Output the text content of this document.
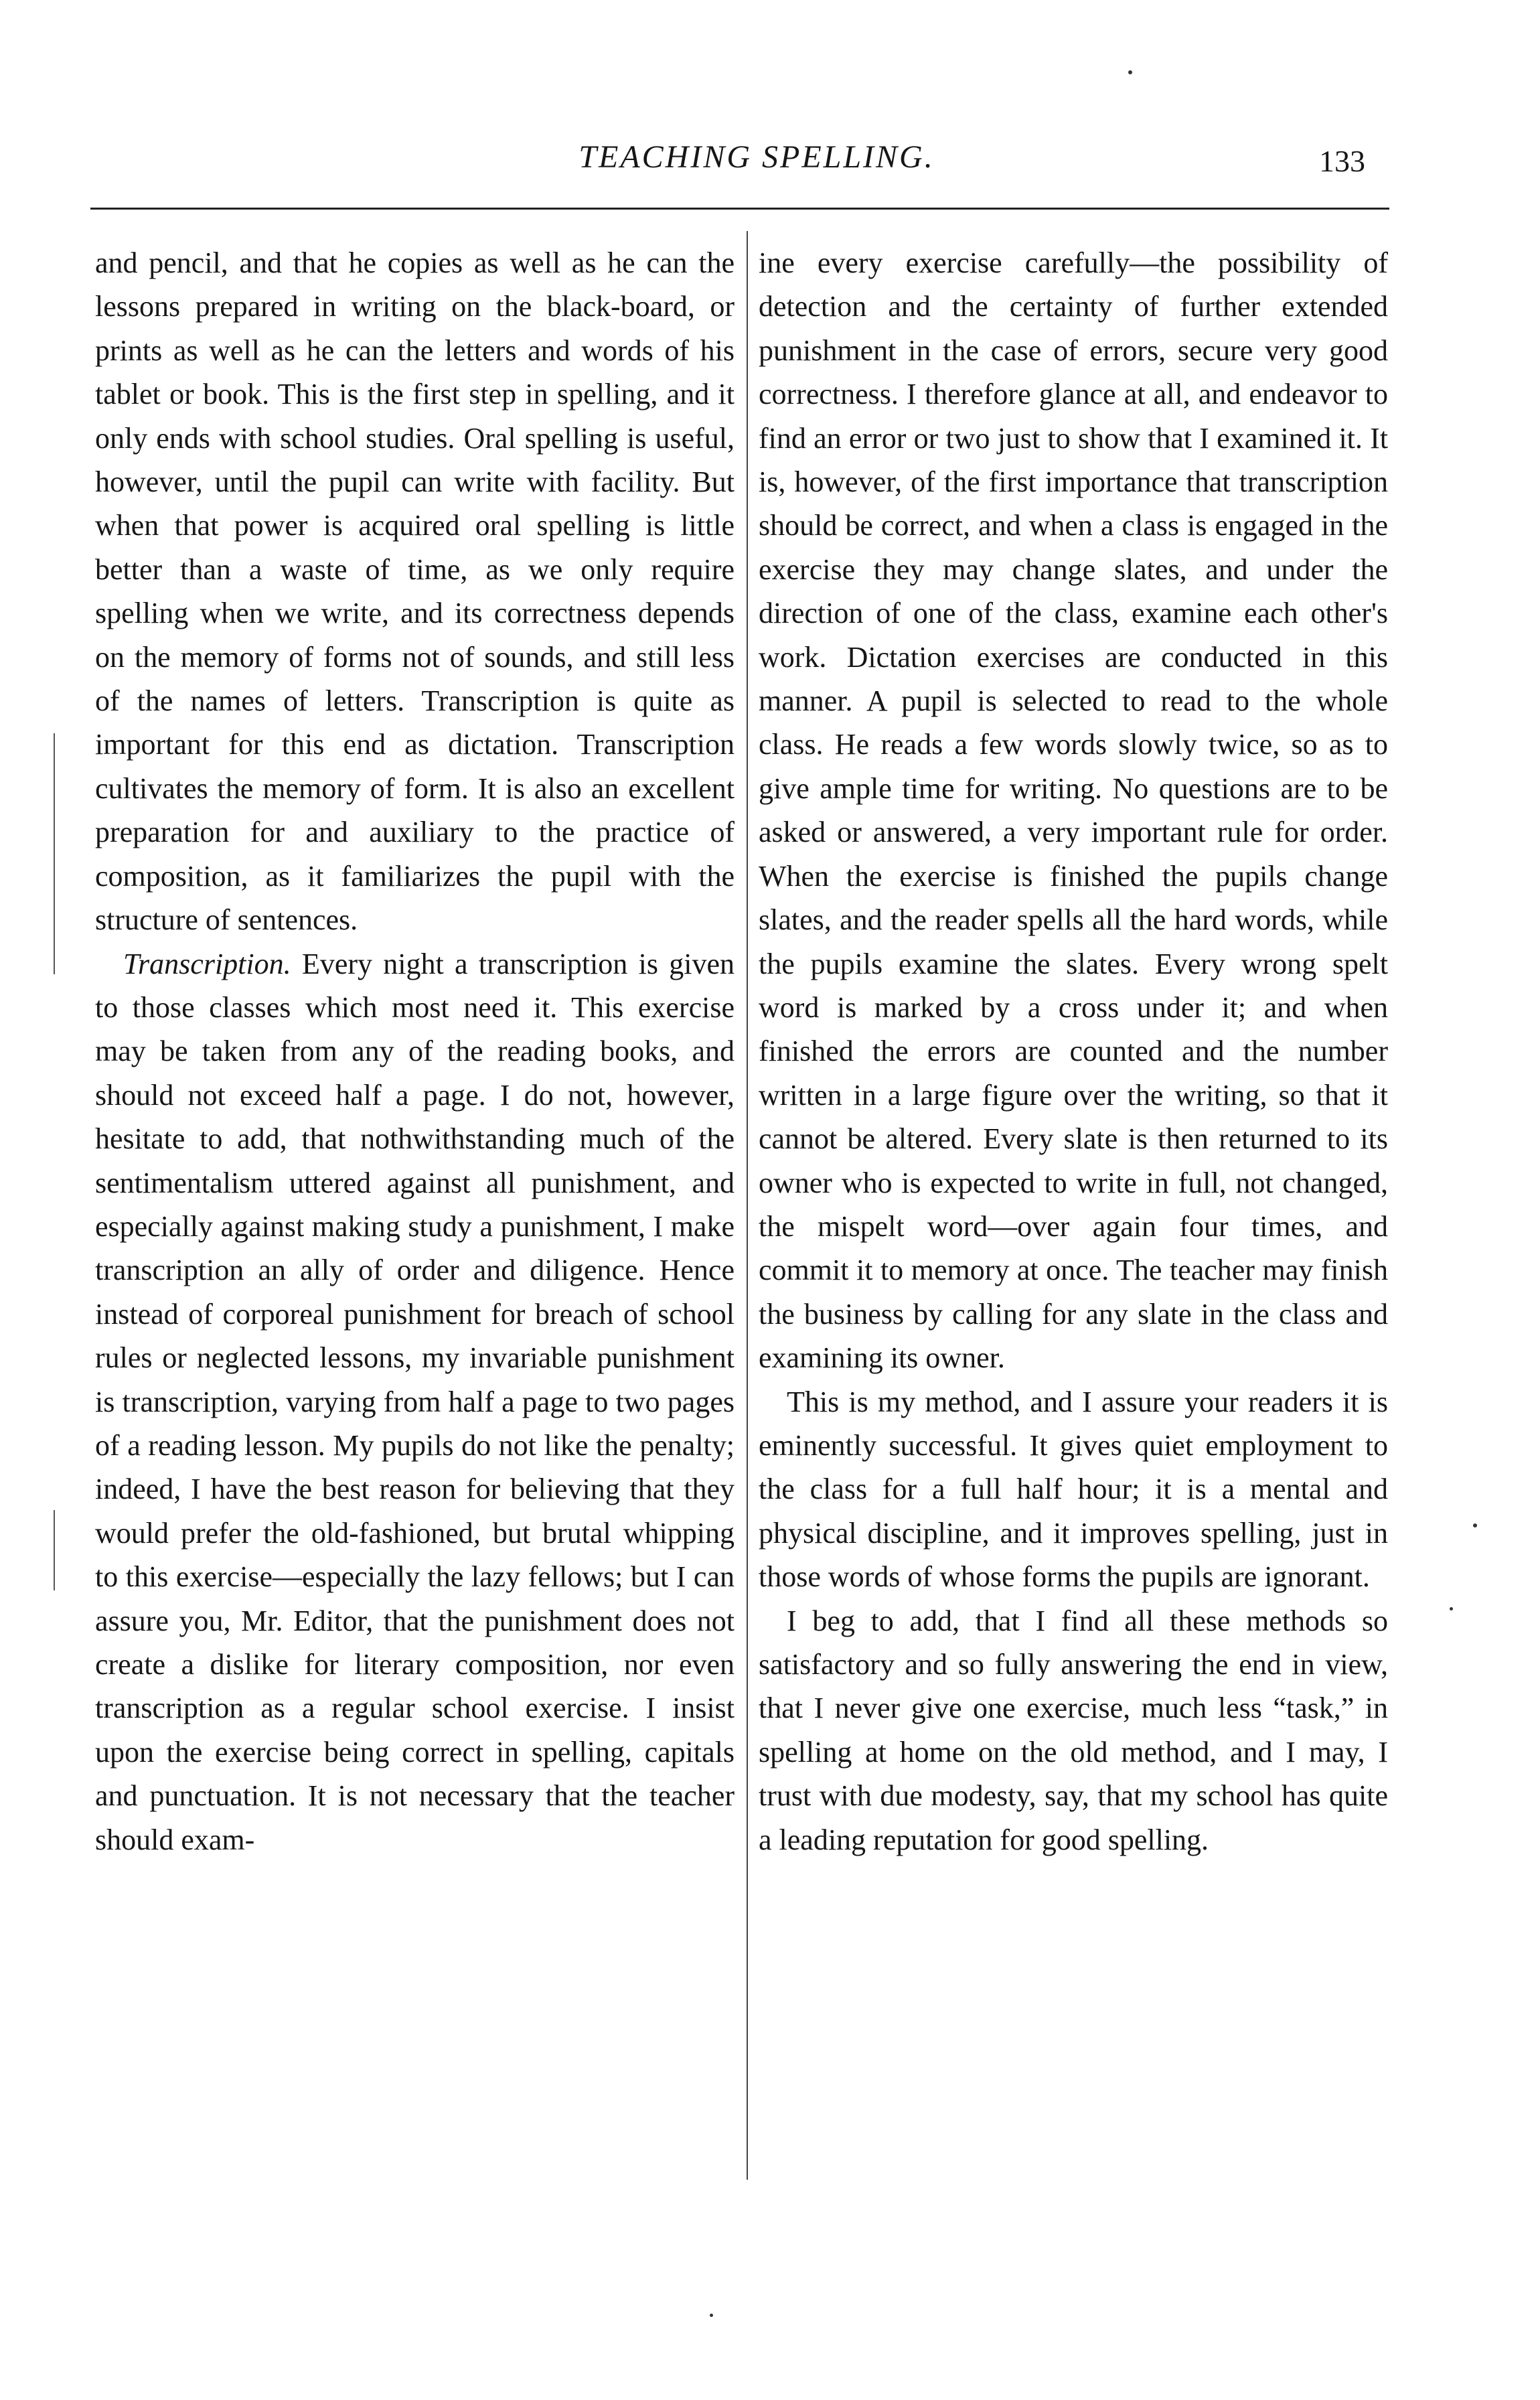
TEACHING SPELLING.	133

and pencil, and that he copies as well as he can the lessons prepared in writing on the black-board, or prints as well as he can the letters and words of his tablet or book. This is the first step in spelling, and it only ends with school studies. Oral spelling is useful, however, until the pupil can write with facility. But when that power is acquired oral spelling is little better than a waste of time, as we only require spelling when we write, and its correctness depends on the memory of forms not of sounds, and still less of the names of letters. Transcription is quite as important for this end as dictation. Transcription cultivates the memory of form. It is also an excellent preparation for and auxiliary to the practice of composition, as it familiarizes the pupil with the structure of sentences.

Transcription. Every night a transcription is given to those classes which most need it. This exercise may be taken from any of the reading books, and should not exceed half a page. I do not, however, hesitate to add, that nothwithstanding much of the sentimentalism uttered against all punishment, and especially against making study a punishment, I make transcription an ally of order and diligence. Hence instead of corporeal punishment for breach of school rules or neglected lessons, my invariable punishment is transcription, varying from half a page to two pages of a reading lesson. My pupils do not like the penalty; indeed, I have the best reason for believing that they would prefer the old-fashioned, but brutal whipping to this exercise—especially the lazy fellows; but I can assure you, Mr. Editor, that the punishment does not create a dislike for literary composition, nor even transcription as a regular school exercise. I insist upon the exercise being correct in spelling, capitals and punctuation. It is not necessary that the teacher should exam-

ine every exercise carefully—the possibility of detection and the certainty of further extended punishment in the case of errors, secure very good correctness. I therefore glance at all, and endeavor to find an error or two just to show that I examined it. It is, however, of the first importance that transcription should be correct, and when a class is engaged in the exercise they may change slates, and under the direction of one of the class, examine each other's work. Dictation exercises are conducted in this manner. A pupil is selected to read to the whole class. He reads a few words slowly twice, so as to give ample time for writing. No questions are to be asked or answered, a very important rule for order. When the exercise is finished the pupils change slates, and the reader spells all the hard words, while the pupils examine the slates. Every wrong spelt word is marked by a cross under it; and when finished the errors are counted and the number written in a large figure over the writing, so that it cannot be altered. Every slate is then returned to its owner who is expected to write in full, not changed, the mispelt word—over again four times, and commit it to memory at once. The teacher may finish the business by calling for any slate in the class and examining its owner.

This is my method, and I assure your readers it is eminently successful. It gives quiet employment to the class for a full half hour; it is a mental and physical discipline, and it improves spelling, just in those words of whose forms the pupils are ignorant.

I beg to add, that I find all these methods so satisfactory and so fully answering the end in view, that I never give one exercise, much less “task,” in spelling at home on the old method, and I may, I trust with due modesty, say, that my school has quite a leading reputation for good spelling.
